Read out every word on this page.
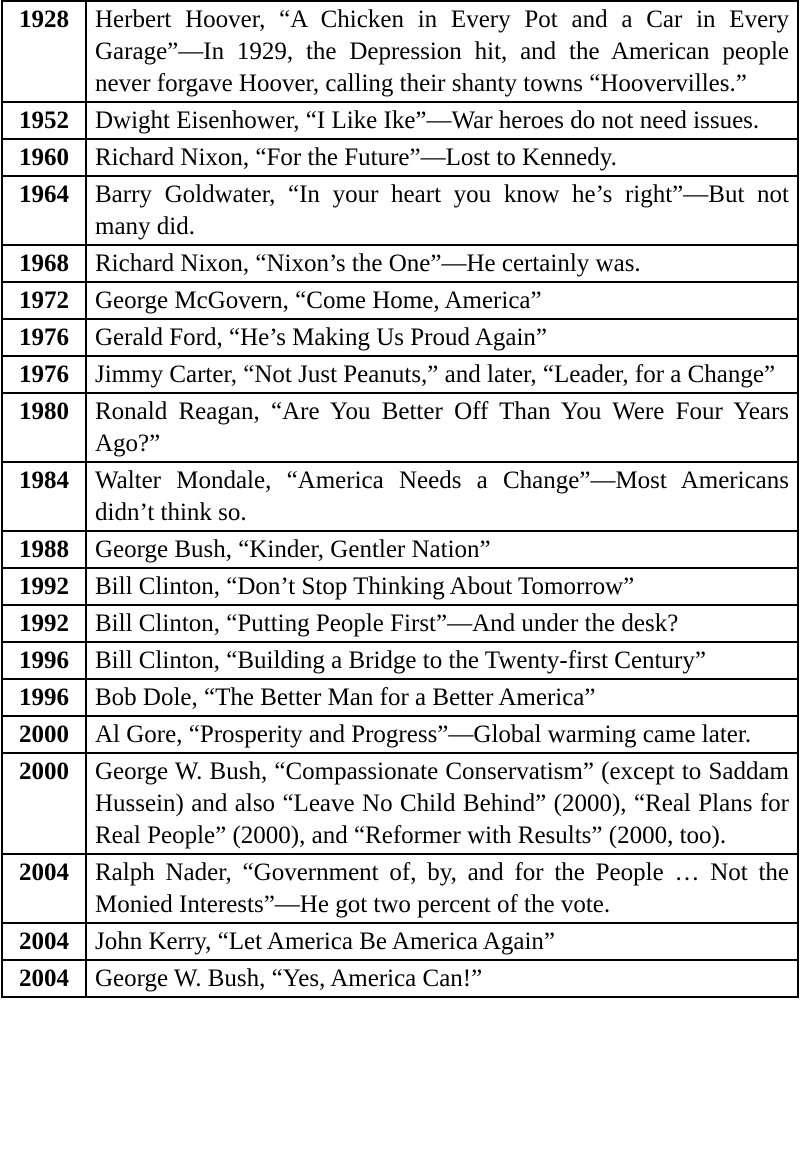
1928	Herbert Hoover, “A Chicken in Every Pot and a Car in Every Garage”—In 1929, the Depression hit, and the American people never forgave Hoover, calling their shanty towns “Hoovervilles.”
1952	Dwight Eisenhower, “I Like Ike”—War heroes do not need issues.
1960	Richard Nixon, “For the Future”—Lost to Kennedy.
1964	Barry Goldwater, “In your heart you know he’s right”—But not many did.
1968	Richard Nixon, “Nixon’s the One”—He certainly was.
1972	George McGovern, “Come Home, America”
1976	Gerald Ford, “He’s Making Us Proud Again”
1976	Jimmy Carter, “Not Just Peanuts,” and later, “Leader, for a Change”
1980	Ronald Reagan, “Are You Better Off Than You Were Four Years Ago?”
1984	Walter Mondale, “America Needs a Change”—Most Americans didn’t think so.
1988	George Bush, “Kinder, Gentler Nation”
1992	Bill Clinton, “Don’t Stop Thinking About Tomorrow”
1992	Bill Clinton, “Putting People First”—And under the desk?
1996	Bill Clinton, “Building a Bridge to the Twenty-first Century”
1996	Bob Dole, “The Better Man for a Better America”
2000	Al Gore, “Prosperity and Progress”—Global warming came later.
2000	George W. Bush, “Compassionate Conservatism” (except to Saddam Hussein) and also “Leave No Child Behind” (2000), “Real Plans for Real People” (2000), and “Reformer with Results” (2000, too).
2004	Ralph Nader, “Government of, by, and for the People … Not the Monied Interests”—He got two percent of the vote.
2004	John Kerry, “Let America Be America Again”
2004	George W. Bush, “Yes, America Can!”
